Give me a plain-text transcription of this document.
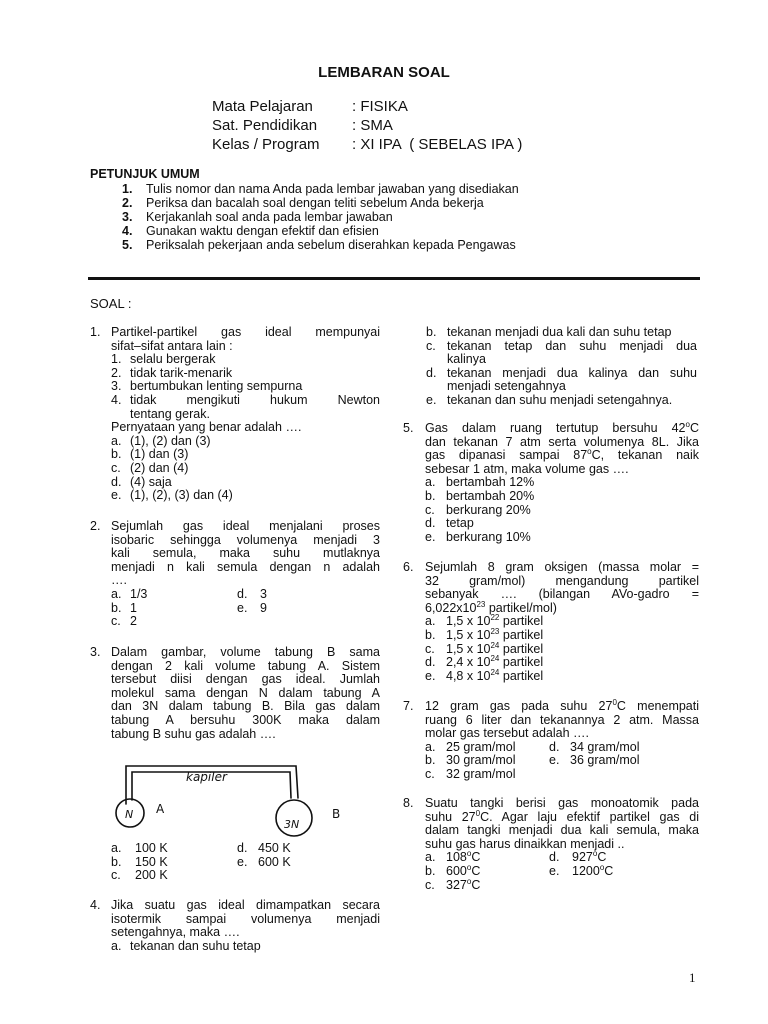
LEMBARAN SOAL
Mata Pelajaran	: FISIKA
Sat. Pendidikan : SMA
Kelas / Program : XI IPA  ( SEBELAS IPA )
PETUNJUK UMUM
1. Tulis nomor dan nama Anda pada lembar jawaban yang disediakan
2. Periksa dan bacalah soal dengan teliti sebelum Anda bekerja
3. Kerjakanlah soal anda pada lembar jawaban
4. Gunakan waktu dengan efektif dan efisien
5. Periksalah pekerjaan anda sebelum diserahkan kepada Pengawas
SOAL :
1. Partikel-partikel gas ideal mempunyai
sifat–sifat antara lain :
1. selalu bergerak
2. tidak tarik-menarik
3. bertumbukan lenting sempurna
4. tidak mengikuti hukum Newton
tentang gerak.
Pernyataan yang benar adalah ….
a. (1), (2) dan (3)
b. (1) dan (3)
c. (2) dan (4)
d. (4) saja
e. (1), (2), (3) dan (4)
2. Sejumlah gas ideal menjalani proses
isobaric sehingga volumenya menjadi 3
kali semula, maka suhu mutlaknya
menjadi n kali semula dengan n adalah
….
a. 1/3	d. 3
b. 1	e. 9
c. 2
3. Dalam gambar, volume tabung B sama
dengan 2 kali volume tabung A. Sistem
tersebut diisi dengan gas ideal. Jumlah
molekul sama dengan N dalam tabung A
dan 3N dalam tabung B. Bila gas dalam
tabung A bersuhu 300K maka dalam
tabung B suhu gas adalah ….
kapiler
N A
3N
B
a. 100 K	d. 450 K
b. 150 K	e. 600 K
c. 200 K
4. Jika suatu gas ideal dimampatkan secara
isotermik sampai volumenya menjadi
setengahnya, maka ….
a. tekanan dan suhu tetap
b. tekanan menjadi dua kali dan suhu tetap
c. tekanan tetap dan suhu menjadi dua
kalinya
d. tekanan menjadi dua kalinya dan suhu
menjadi setengahnya
e. tekanan dan suhu menjadi setengahnya.
5. Gas dalam ruang tertutup bersuhu 42$^o$C
dan tekanan 7 atm serta volumenya 8L. Jika
gas dipanasi sampai 87$^o$C, tekanan naik
sebesar 1 atm, maka volume gas ….
a. bertambah 12%
b. bertambah 20%
c. berkurang 20%
d. tetap
e. berkurang 10%
6. Sejumlah 8 gram oksigen (massa molar =
32 gram/mol) mengandung partikel
sebanyak …. (bilangan AVo-gadro =
$6,022x10^{23}$ partikel/mol)
a. 1,5 x $10^{22}$ partikel
b. 1,5 x $10^{23}$ partikel
c. 1,5 x $10^{24}$ partikel
d. 2,4 x $10^{24}$ partikel
e. 4,8 x $10^{24}$ partikel
7. 12 gram gas pada suhu $27^0C$ menempati
ruang 6 liter dan tekanannya 2 atm. Massa
molar gas tersebut adalah ….
a. 25 gram/mol	d. 34 gram/mol
b. 30 gram/mol	e. 36 gram/mol
c. 32 gram/mol
8. Suatu tangki berisi gas monoatomik pada
suhu $27^0C$. Agar laju efektif partikel gas di
dalam tangki menjadi dua kali semula, maka
suhu gas harus dinaikkan menjadi ..
a. 108$^o$C	d. 927$^o$C
b. 600$^o$C	e. 1200$^o$C
c. 327$^o$C
1
